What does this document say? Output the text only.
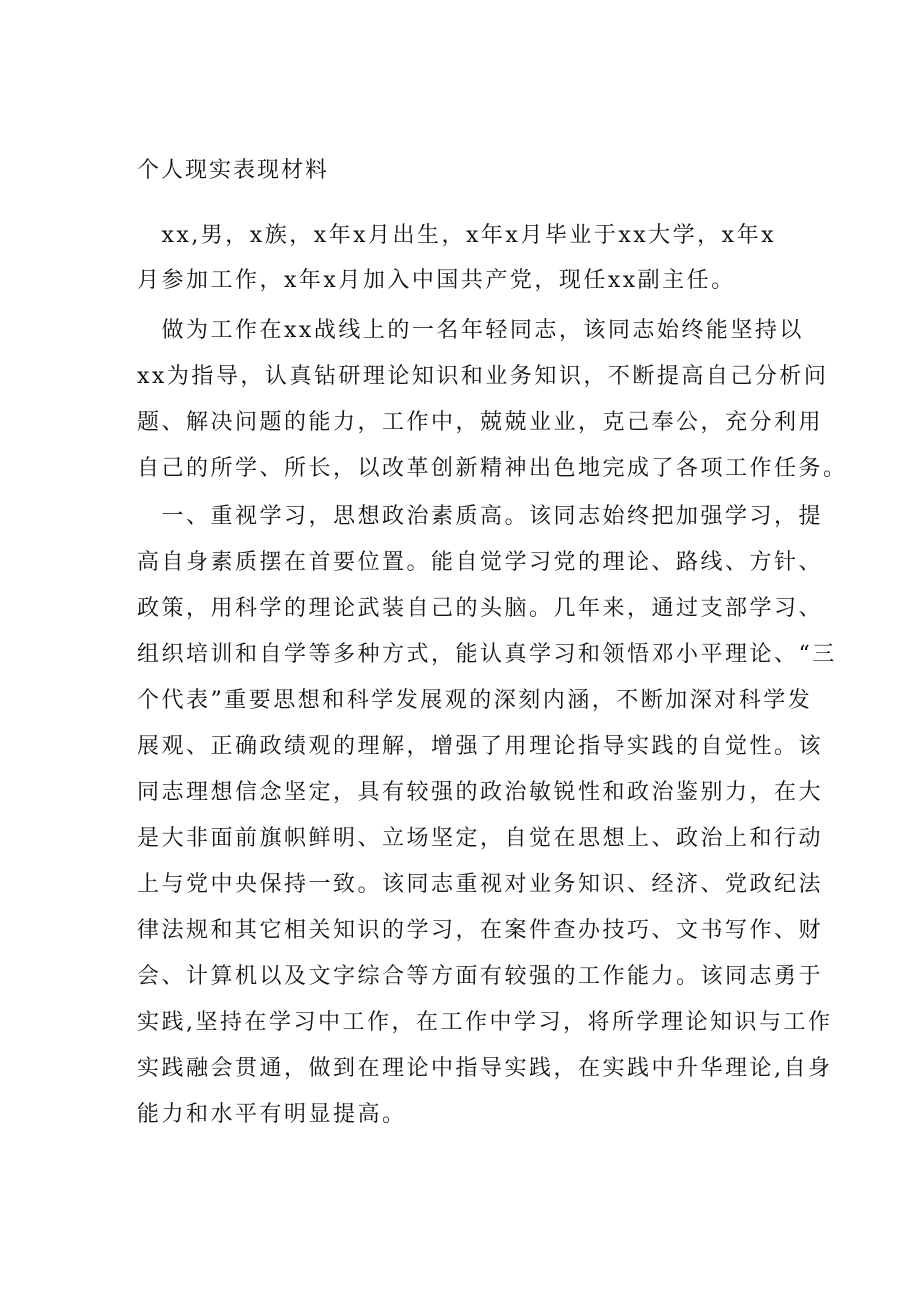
个人现实表现材料

　xx,男，x族，x年x月出生，x年x月毕业于xx大学，x年x

月参加工作，x年x月加入中国共产党，现任xx副主任。

　做为工作在xx战线上的一名年轻同志，该同志始终能坚持以

xx为指导，认真钻研理论知识和业务知识，不断提高自己分析问

题、解决问题的能力，工作中，兢兢业业，克己奉公，充分利用

自己的所学、所长，以改革创新精神出色地完成了各项工作任务。

　一、重视学习，思想政治素质高。该同志始终把加强学习，提

高自身素质摆在首要位置。能自觉学习党的理论、路线、方针、

政策，用科学的理论武装自己的头脑。几年来，通过支部学习、

组织培训和自学等多种方式，能认真学习和领悟邓小平理论、“三

个代表”重要思想和科学发展观的深刻内涵，不断加深对科学发

展观、正确政绩观的理解，增强了用理论指导实践的自觉性。该

同志理想信念坚定，具有较强的政治敏锐性和政治鉴别力，在大

是大非面前旗帜鲜明、立场坚定，自觉在思想上、政治上和行动

上与党中央保持一致。该同志重视对业务知识、经济、党政纪法

律法规和其它相关知识的学习，在案件查办技巧、文书写作、财

会、计算机以及文字综合等方面有较强的工作能力。该同志勇于

实践,坚持在学习中工作，在工作中学习，将所学理论知识与工作

实践融会贯通，做到在理论中指导实践，在实践中升华理论,自身

能力和水平有明显提高。
